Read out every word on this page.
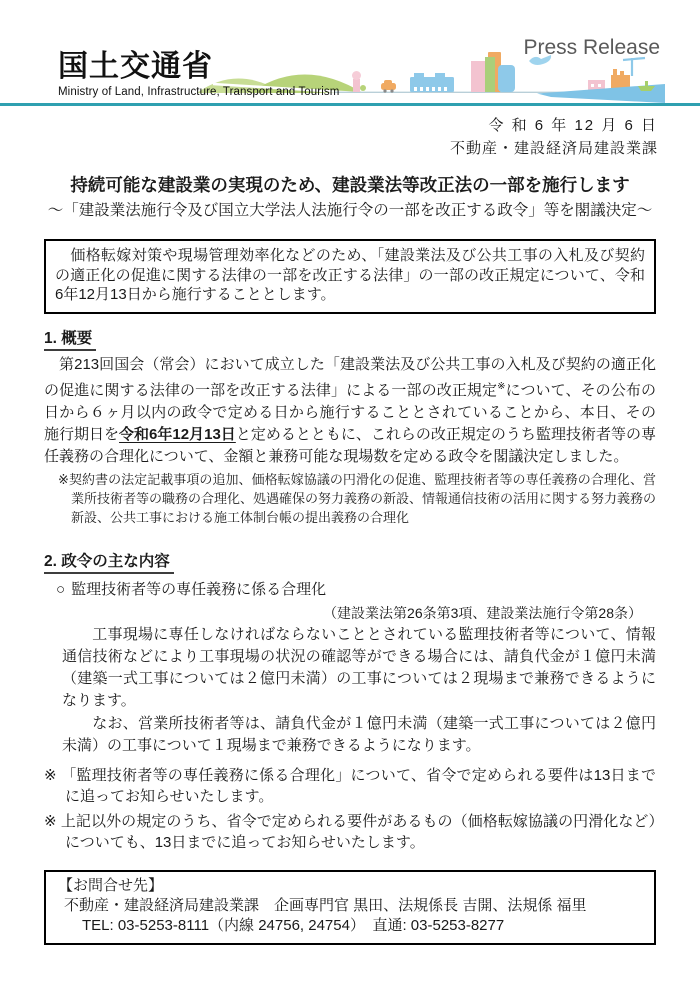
国土交通省
Ministry of Land, Infrastructure, Transport and Tourism
Press Release
令 和 6 年 12 月 6 日
不動産・建設経済局建設業課
持続可能な建設業の実現のため、建設業法等改正法の一部を施行します
～「建設業法施行令及び国立大学法人法施行令の一部を改正する政令」等を閣議決定～
　価格転嫁対策や現場管理効率化などのため、「建設業法及び公共工事の入札及び契約の適正化の促進に関する法律の一部を改正する法律」の一部の改正規定について、令和6年12月13日から施行することとします。
1. 概要
　第213回国会（常会）において成立した「建設業法及び公共工事の入札及び契約の適正化の促進に関する法律の一部を改正する法律」による一部の改正規定※について、その公布の日から６ヶ月以内の政令で定める日から施行することとされていることから、本日、その施行期日を令和6年12月13日と定めるとともに、これらの改正規定のうち監理技術者等の専任義務の合理化について、金額と兼務可能な現場数を定める政令を閣議決定しました。
※契約書の法定記載事項の追加、価格転嫁協議の円滑化の促進、監理技術者等の専任義務の合理化、営業所技術者等の職務の合理化、処遇確保の努力義務の新設、情報通信技術の活用に関する努力義務の新設、公共工事における施工体制台帳の提出義務の合理化
2. 政令の主な内容
○ 監理技術者等の専任義務に係る合理化
（建設業法第26条第3項、建設業法施行令第28条）
　工事現場に専任しなければならないこととされている監理技術者等について、情報通信技術などにより工事現場の状況の確認等ができる場合には、請負代金が１億円未満（建築一式工事については２億円未満）の工事については２現場まで兼務できるようになります。
　なお、営業所技術者等は、請負代金が１億円未満（建築一式工事については２億円未満）の工事について１現場まで兼務できるようになります。
※ 「監理技術者等の専任義務に係る合理化」について、省令で定められる要件は13日までに追ってお知らせいたします。
※ 上記以外の規定のうち、省令で定められる要件があるもの（価格転嫁協議の円滑化など）についても、13日までに追ってお知らせいたします。
【お問合せ先】
不動産・建設経済局建設業課　企画専門官 黒田、法規係長 吉開、法規係 福里
TEL: 03-5253-8111（内線 24756, 24754）　直通: 03-5253-8277
